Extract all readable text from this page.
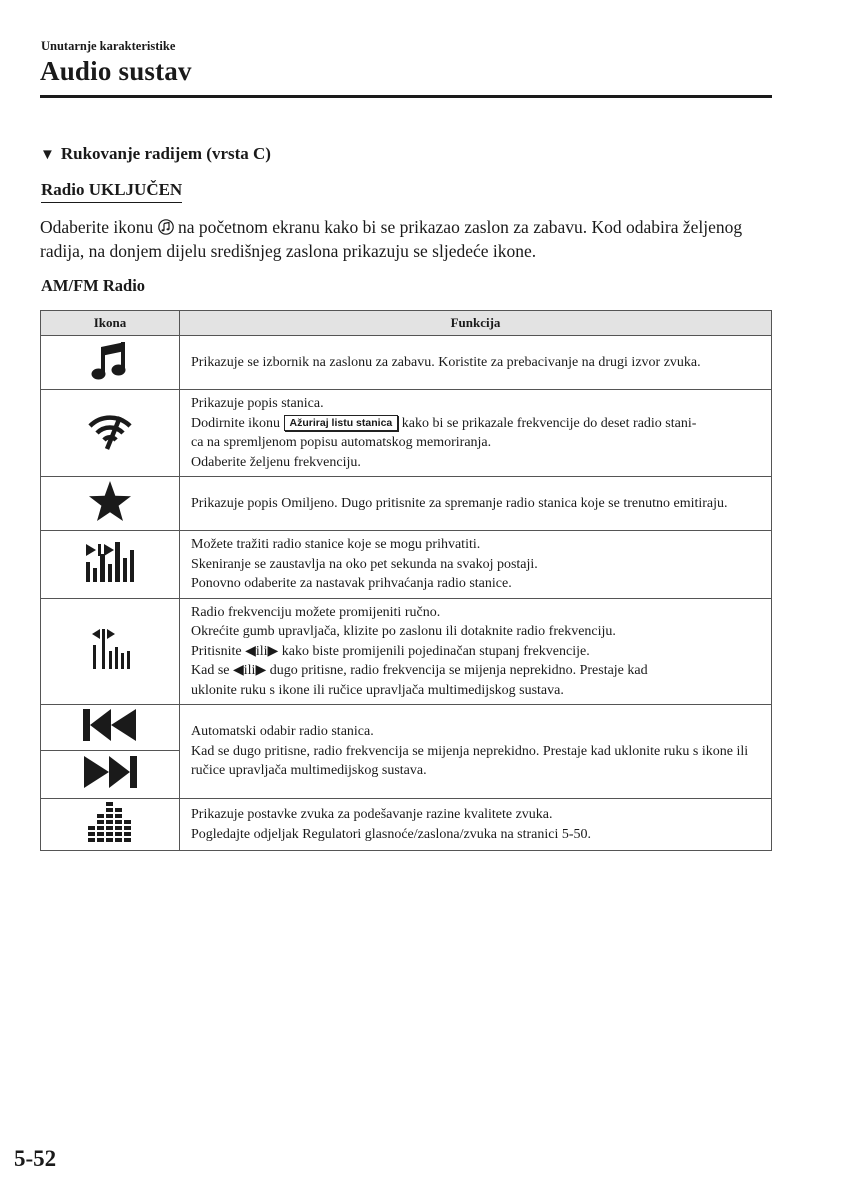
Unutarnje karakteristike
Audio sustav
▼ Rukovanje radijem (vrsta C)
Radio UKLJUČEN
Odaberite ikonu na početnom ekranu kako bi se prikazao zaslon za zabavu. Kod odabira željenog radija, na donjem dijelu središnjeg zaslona prikazuju se sljedeće ikone.
AM/FM Radio
Ikona	Funkcija

Prikazuje se izbornik na zaslonu za zabavu. Koristite za prebacivanje na drugi izvor zvuka.

Prikazuje popis stanica.
Dodirnite ikonu Ažuriraj listu stanica kako bi se prikazale frekvencije do deset radio stani-
ca na spremljenom popisu automatskog memoriranja.
Odaberite željenu frekvenciju.

Prikazuje popis Omiljeno. Dugo pritisnite za spremanje radio stanica koje se trenutno emitiraju.

Možete tražiti radio stanice koje se mogu prihvatiti.
Skeniranje se zaustavlja na oko pet sekunda na svakoj postaji.
Ponovno odaberite za nastavak prihvaćanja radio stanice.

Radio frekvenciju možete promijeniti ručno.
Okrećite gumb upravljača, klizite po zaslonu ili dotaknite radio frekvenciju.
Pritisnite ◀ili▶ kako biste promijenili pojedinačan stupanj frekvencije.
Kad se ◀ili▶ dugo pritisne, radio frekvencija se mijenja neprekidno. Prestaje kad
uklonite ruku s ikone ili ručice upravljača multimedijskog sustava.

Automatski odabir radio stanica.
Kad se dugo pritisne, radio frekvencija se mijenja neprekidno. Prestaje kad uklonite ruku s ikone ili ručice upravljača multimedijskog sustava.

Prikazuje postavke zvuka za podešavanje razine kvalitete zvuka.
Pogledajte odjeljak Regulatori glasnoće/zaslona/zvuka na stranici 5-50.
5-52
